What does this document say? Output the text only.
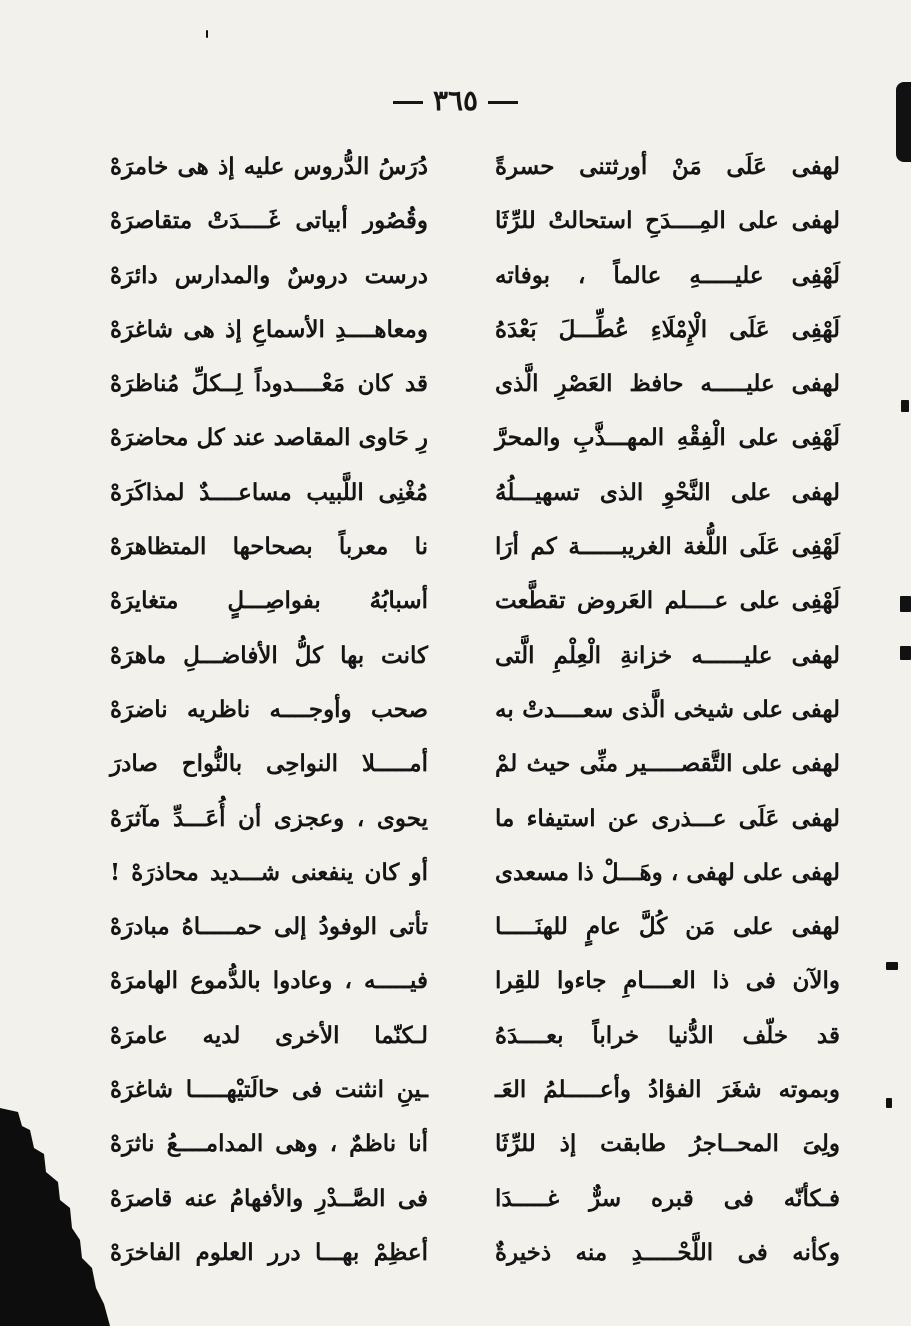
٣٦٥
لهفى عَلَى مَنْ أورثتنى حسرةً
دُرَسُ الدُّروس عليه إذ هى خامرَهْ
لهفى على المِــــدَحِ استحالتْ للرِّثَا
وقُصُور أبياتى غَــــدَتْ متقاصرَهْ
لَهْفِى عليـــــهِ عالماً ، بوفاته
درست دروسٌ والمدارس دائرَهْ
لَهْفِى عَلَى الْإِمْلَاءِ عُطِّـــلَ بَعْدَهُ
ومعاهــــدِ الأسماعِ إذ هى شاغرَهْ
لهفى عليـــــه حافظ العَصْرِ الَّذى
قد كان مَعْــــدوداً لِــكلِّ مُناظرَهْ
لَهْفِى على الْفِقْهِ المهـــذَّبِ والمحرَّ
رِ حَاوى المقاصد عند كل محاضرَهْ
لهفى على النَّحْوِ الذى تسهيـــلُهُ
مُغْنِى اللَّبيب مساعــــدٌ لمذاكَرَهْ
لَهْفِى عَلَى اللُّغة الغريبــــــة كم أرَا
نا معرباً بصحاحها المتظاهرَهْ
لَهْفِى على عــــلم العَروض تقطَّعت
أسبابُهُ بفواصِـــلٍ متغايرَهْ
لهفى عليــــــه خزانةِ الْعِلْمِ الَّتى
كانت بها كلُّ الأفاضـــلِ ماهرَهْ
لهفى على شيخى الَّذى سعــــدتْ به
صحب وأوجــــه ناظريه ناضرَهْ
لهفى على التَّقصـــــير منِّى حيث لمْ
أمـــــلا النواحِى بالنُّواح صادرَ
لهفى عَلَى عـــذرى عن استيفاء ما
يحوى ، وعجزى أن أُعَـــدِّ مآثرَهْ
لهفى على لهفى ، وهَـــلْ ذا مسعدى
أو كان ينفعنى شـــديد محاذرَهْ !
لهفى على مَن كُلَّ عامٍ للهنَـــــا
تأتى الوفودُ إلى حمـــــاهُ مبادرَهْ
والآن فى ذا العــــامِ جاءوا للقِرا
فيـــــه ، وعادوا بالدُّموع الهامرَهْ
قد خلّف الدُّنيا خراباً بعــــدَهُ
لـكنّما الأخرى لديه عامرَهْ
وبموته شغَرَ الفؤادُ وأعـــــلمُ العَـ
ـينِ انثنت فى حالَتيْهـــــا شاغرَهْ
ولِىَ المحــاجرُ طابقت إذ للرِّثَا
أنا ناظمٌ ، وهى المدامــــعُ ناثرَهْ
فـكأنّه فى قبره سرٌّ غـــــدَا
فى الصَّــدْرِ والأفهامُ عنه قاصرَهْ
وكأنه فى اللَّحْـــــدِ منه ذخيرةٌ
أعظِمْ بهـــا درر العلوم الفاخرَهْ
